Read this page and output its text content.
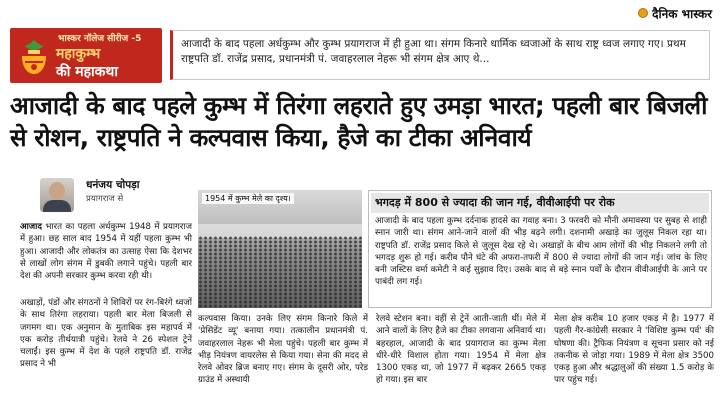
दैनिक भास्कर
भास्कर नॉलेज सीरीज -5
महाकुम्भ
की महाकथा
आजादी के बाद पहला अर्धकुम्भ और कुम्भ प्रयागराज में ही हुआ था। संगम किनारे धार्मिक ध्वजाओं के साथ राष्ट्र ध्वज लगाए गए। प्रथम राष्ट्रपति डॉ. राजेंद्र प्रसाद, प्रधानमंत्री पं. जवाहरलाल नेहरू भी संगम क्षेत्र आए थे...
आजादी के बाद पहले कुम्भ में तिरंगा लहराते हुए उमड़ा भारत; पहली बार बिजली से रोशन, राष्ट्रपति ने कल्पवास किया, हैजे का टीका अनिवार्य
धनंजय चोपड़ा
प्रयागराज से
आजाद भारत का पहला अर्धकुम्भ 1948 में प्रयागराज में हुआ। छह साल बाद 1954 में यहीं पहला कुम्भ भी हुआ। आजादी और लोकतंत्र का उत्साह ऐसा कि देशभर से लाखों लोग संगम में डुबकी लगाने पहुंचे। पहली बार देश की अपनी सरकार कुम्भ करवा रही थी।
अखाड़ों, पंडों और संगठनों ने शिविरों पर रंग-बिरंगे ध्वजों के साथ तिरंगा लहराया। पहली बार मेला बिजली से जगमग था। एक अनुमान के मुताबिक इस महापर्व में एक करोड़ तीर्थयात्री पहुंचे। रेलवे ने 26 स्पेशल ट्रेनें चलाईं। इस कुम्भ में देश के पहले राष्ट्रपति डॉ. राजेंद्र प्रसाद ने भी
1954 में कुम्भ मेले का दृश्य।	भगदड़ में 800 से ज्यादा की जान गई, वीवीआईपी पर रोक
आजादी के बाद पहला कुम्भ दर्दनाक हादसे का गवाह बना। 3 फरवरी को मौनी अमावस्या पर सुबह से शाही स्नान जारी था। संगम आने-जाने वालों की भीड़ बढ़ने लगी। दशनामी अखाड़े का जुलूस निकल रहा था। राष्ट्रपति डॉ. राजेंद्र प्रसाद किले से जुलूस देख रहे थे। अखाड़ों के बीच आम लोगों की भीड़ निकलने लगी तो भगदड़ शुरू हो गई। करीब पौने घंटे की अफरा-तफरी में 800 से ज्यादा लोगों की जान गई। जांच के लिए बनी जस्टिस वर्मा कमेटी ने कई सुझाव दिए। उसके बाद से बड़े स्नान पर्वों के दौरान वीवीआईपी के आने पर पाबंदी लग गई।
कल्पवास किया। उनके लिए संगम किनारे किले में 'प्रेसिडेंट व्यू' बनाया गया। तत्कालीन प्रधानमंत्री पं. जवाहरलाल नेहरू भी मेला पहुंचे। पहली बार कुम्भ में भीड़ नियंत्रण वायरलेस से किया गया। सेना की मदद से रेलवे ओवर ब्रिज बनाए गए। संगम के दूसरी ओर, परेड ग्राउंड में अस्थायी
रेलवे स्टेशन बना। वहीं से ट्रेनें आती-जाती थीं। मेले में आने वालों के लिए हैजे का टीका लगवाना अनिवार्य था। बहरहाल, आजादी के बाद प्रयागराज का कुम्भ मेला धीरे-धीरे विशाल होता गया। 1954 में मेला क्षेत्र 1300 एकड़ था, जो 1977 में बढ़कर 2665 एकड़ हो गया। इस बार
मेला क्षेत्र करीब 10 हजार एकड़ में है। 1977 में पहली गैर-कांग्रेसी सरकार ने 'विशिष्ट कुम्भ पर्व' की घोषणा की। ट्रैफिक नियंत्रण व सूचना प्रसार को नई तकनीक से जोड़ा गया। 1989 में मेला क्षेत्र 3500 एकड़ हुआ और श्रद्धालुओं की संख्या 1.5 करोड़ के पार पहुंच गई।
